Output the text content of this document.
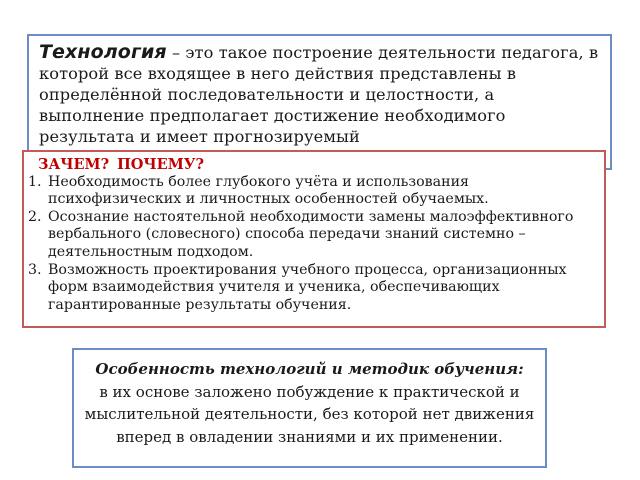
Технология – это такое построение деятельности педагога, в которой все входящее в него действия представлены в определённой последовательности и целостности, а выполнение предполагает достижение необходимого результата и имеет прогнозируемый

ЗАЧЕМ? ПОЧЕМУ?
1. Необходимость более глубокого учёта и использования психофизических и личностных особенностей обучаемых.
2. Осознание настоятельной необходимости замены малоэффективного вербального (словесного) способа передачи знаний системно – деятельностным подходом.
3. Возможность проектирования учебного процесса, организационных форм взаимодействия учителя и ученика, обеспечивающих гарантированные результаты обучения.
Особенность технологий и методик обучения:
в их основе заложено побуждение к практической и мыслительной деятельности, без которой нет движения вперед в овладении знаниями и их применении.
